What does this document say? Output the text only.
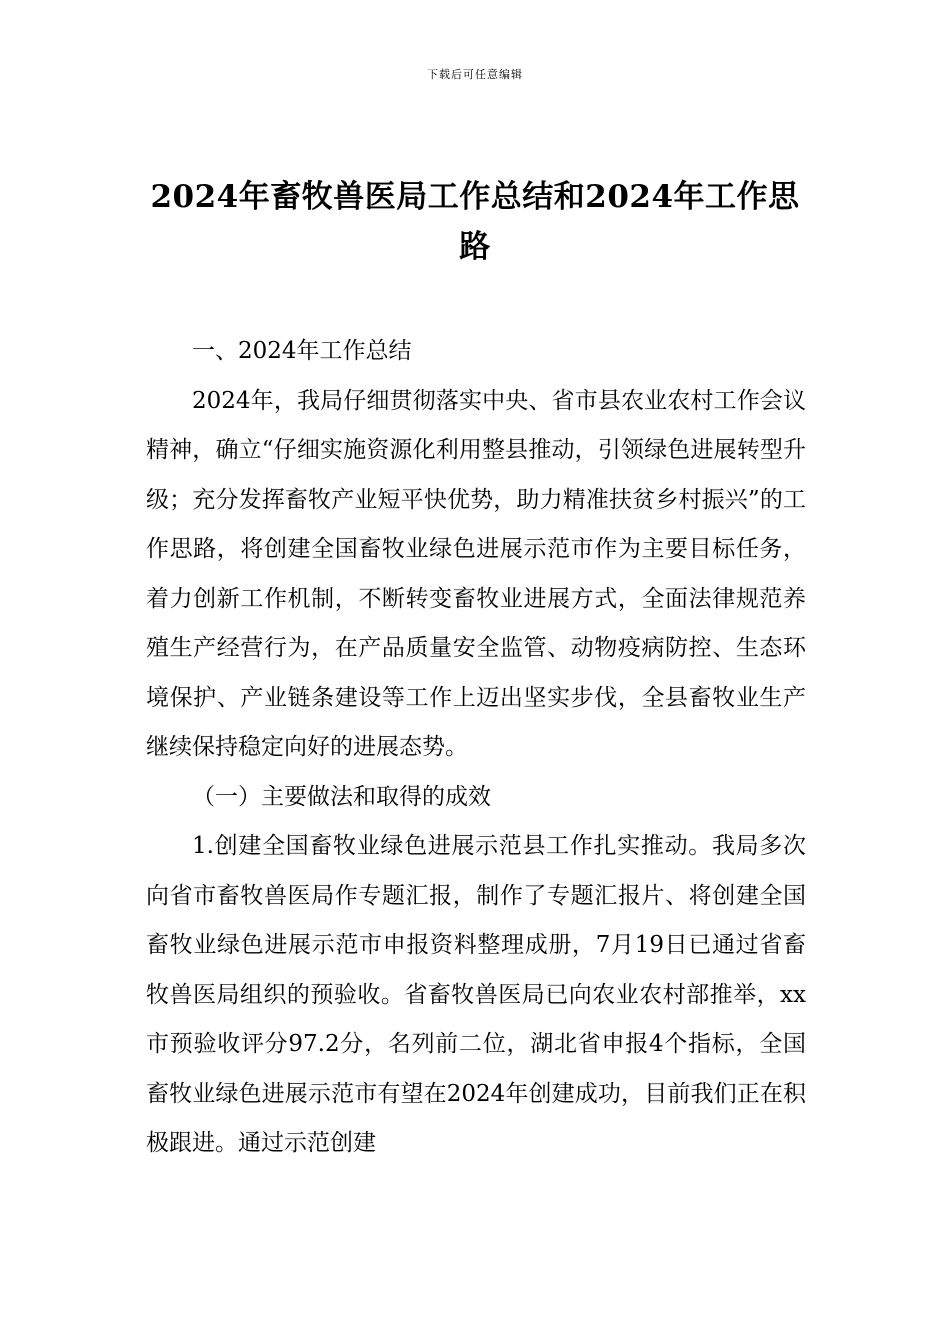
下载后可任意编辑
2024年畜牧兽医局工作总结和2024年工作思路

一、2024年工作总结

2024年，我局仔细贯彻落实中央、省市县农业农村工作会议精神，确立“仔细实施资源化利用整县推动，引领绿色进展转型升级；充分发挥畜牧产业短平快优势，助力精准扶贫乡村振兴”的工作思路，将创建全国畜牧业绿色进展示范市作为主要目标任务，着力创新工作机制，不断转变畜牧业进展方式，全面法律规范养殖生产经营行为，在产品质量安全监管、动物疫病防控、生态环境保护、产业链条建设等工作上迈出坚实步伐，全县畜牧业生产继续保持稳定向好的进展态势。

（一）主要做法和取得的成效

1.创建全国畜牧业绿色进展示范县工作扎实推动。我局多次向省市畜牧兽医局作专题汇报，制作了专题汇报片、将创建全国畜牧业绿色进展示范市申报资料整理成册，7月19日已通过省畜牧兽医局组织的预验收。省畜牧兽医局已向农业农村部推举，xx市预验收评分97.2分，名列前二位，湖北省申报4个指标，全国畜牧业绿色进展示范市有望在2024年创建成功，目前我们正在积极跟进。通过示范创建
